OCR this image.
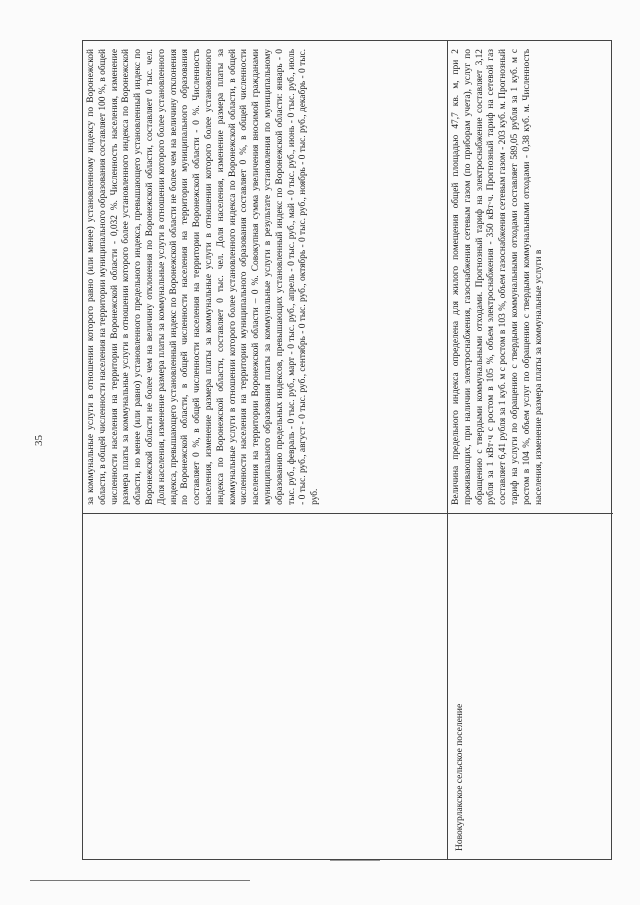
35	за коммунальные услуги в отношении которого равно (или менее) установленному индексу по Воронежской области, в общей численности населения на территории муниципального образования составляет 100 %, в общей численности населения на территории Воронежской области - 0,032 %. Численность населения, изменение размера платы за коммунальные услуги в отношении которого более установленного индекса по Воронежской области, но менее (или равно) установленного предельного индекса, превышающего установленный индекс по Воронежской области не более чем на величину отклонения по Воронежской области, составляет 0 тыс. чел. Доля населения, изменение размера платы за коммунальные услуги в отношении которого более установленного индекса, превышающего установленный индекс по Воронежской области не более чем на величину отклонения по Воронежской области, в общей численности населения на территории муниципального образования составляет 0 %, в общей численности населения на территории Воронежской области - 0 %. Численность населения, изменение размера платы за коммунальные услуги в отношении которого более установленного индекса по Воронежской области, составляет 0 тыс. чел. Доля населения, изменение размера платы за коммунальные услуги в отношении которого более установленного индекса по Воронежской области, в общей численности населения на территории муниципального образования составляет 0 %, в общей численности населения на территории Воронежской области – 0 %. Совокупная сумма увеличения вносимой гражданами муниципального образования платы за коммунальные услуги в результате установления по муниципальному образованию предельных индексов, превышающих установленный индекс по Воронежской области: январь - 0 тыс. руб., февраль - 0 тыс. руб., март - 0 тыс. руб., апрель - 0 тыс. руб., май - 0 тыс. руб., июнь - 0 тыс. руб., июль - 0 тыс. руб., август - 0 тыс. руб., сентябрь - 0 тыс. руб., октябрь - 0 тыс. руб., ноябрь - 0 тыс. руб., декабрь - 0 тыс. руб.
Новокурлакское сельское поселение
Величина предельного индекса определена для жилого помещения общей площадью 47,7 кв. м, при 2 проживающих, при наличии электроснабжения, газоснабжения сетевым газом (по приборам учета), услуг по обращению с твердыми коммунальными отходами. Прогнозный тариф на электроснабжение составляет 3,12 рубля за 1 кВт·ч с ростом в 105 %, объем электроснабжения - 350 кВт·ч. Прогнозный тариф на сетевой газ составляет 6,41 рубля за 1 куб. м с ростом в 103 %, объем газоснабжения сетевым газом - 203 куб. м. Прогнозный тариф на услуги по обращению с твердыми коммунальными отходами составляет 589,05 рубля за 1 куб. м с ростом в 104 %, объем услуг по обращению с твердыми коммунальными отходами - 0,38 куб. м. Численность населения, изменение размера платы за коммунальные услуги в
